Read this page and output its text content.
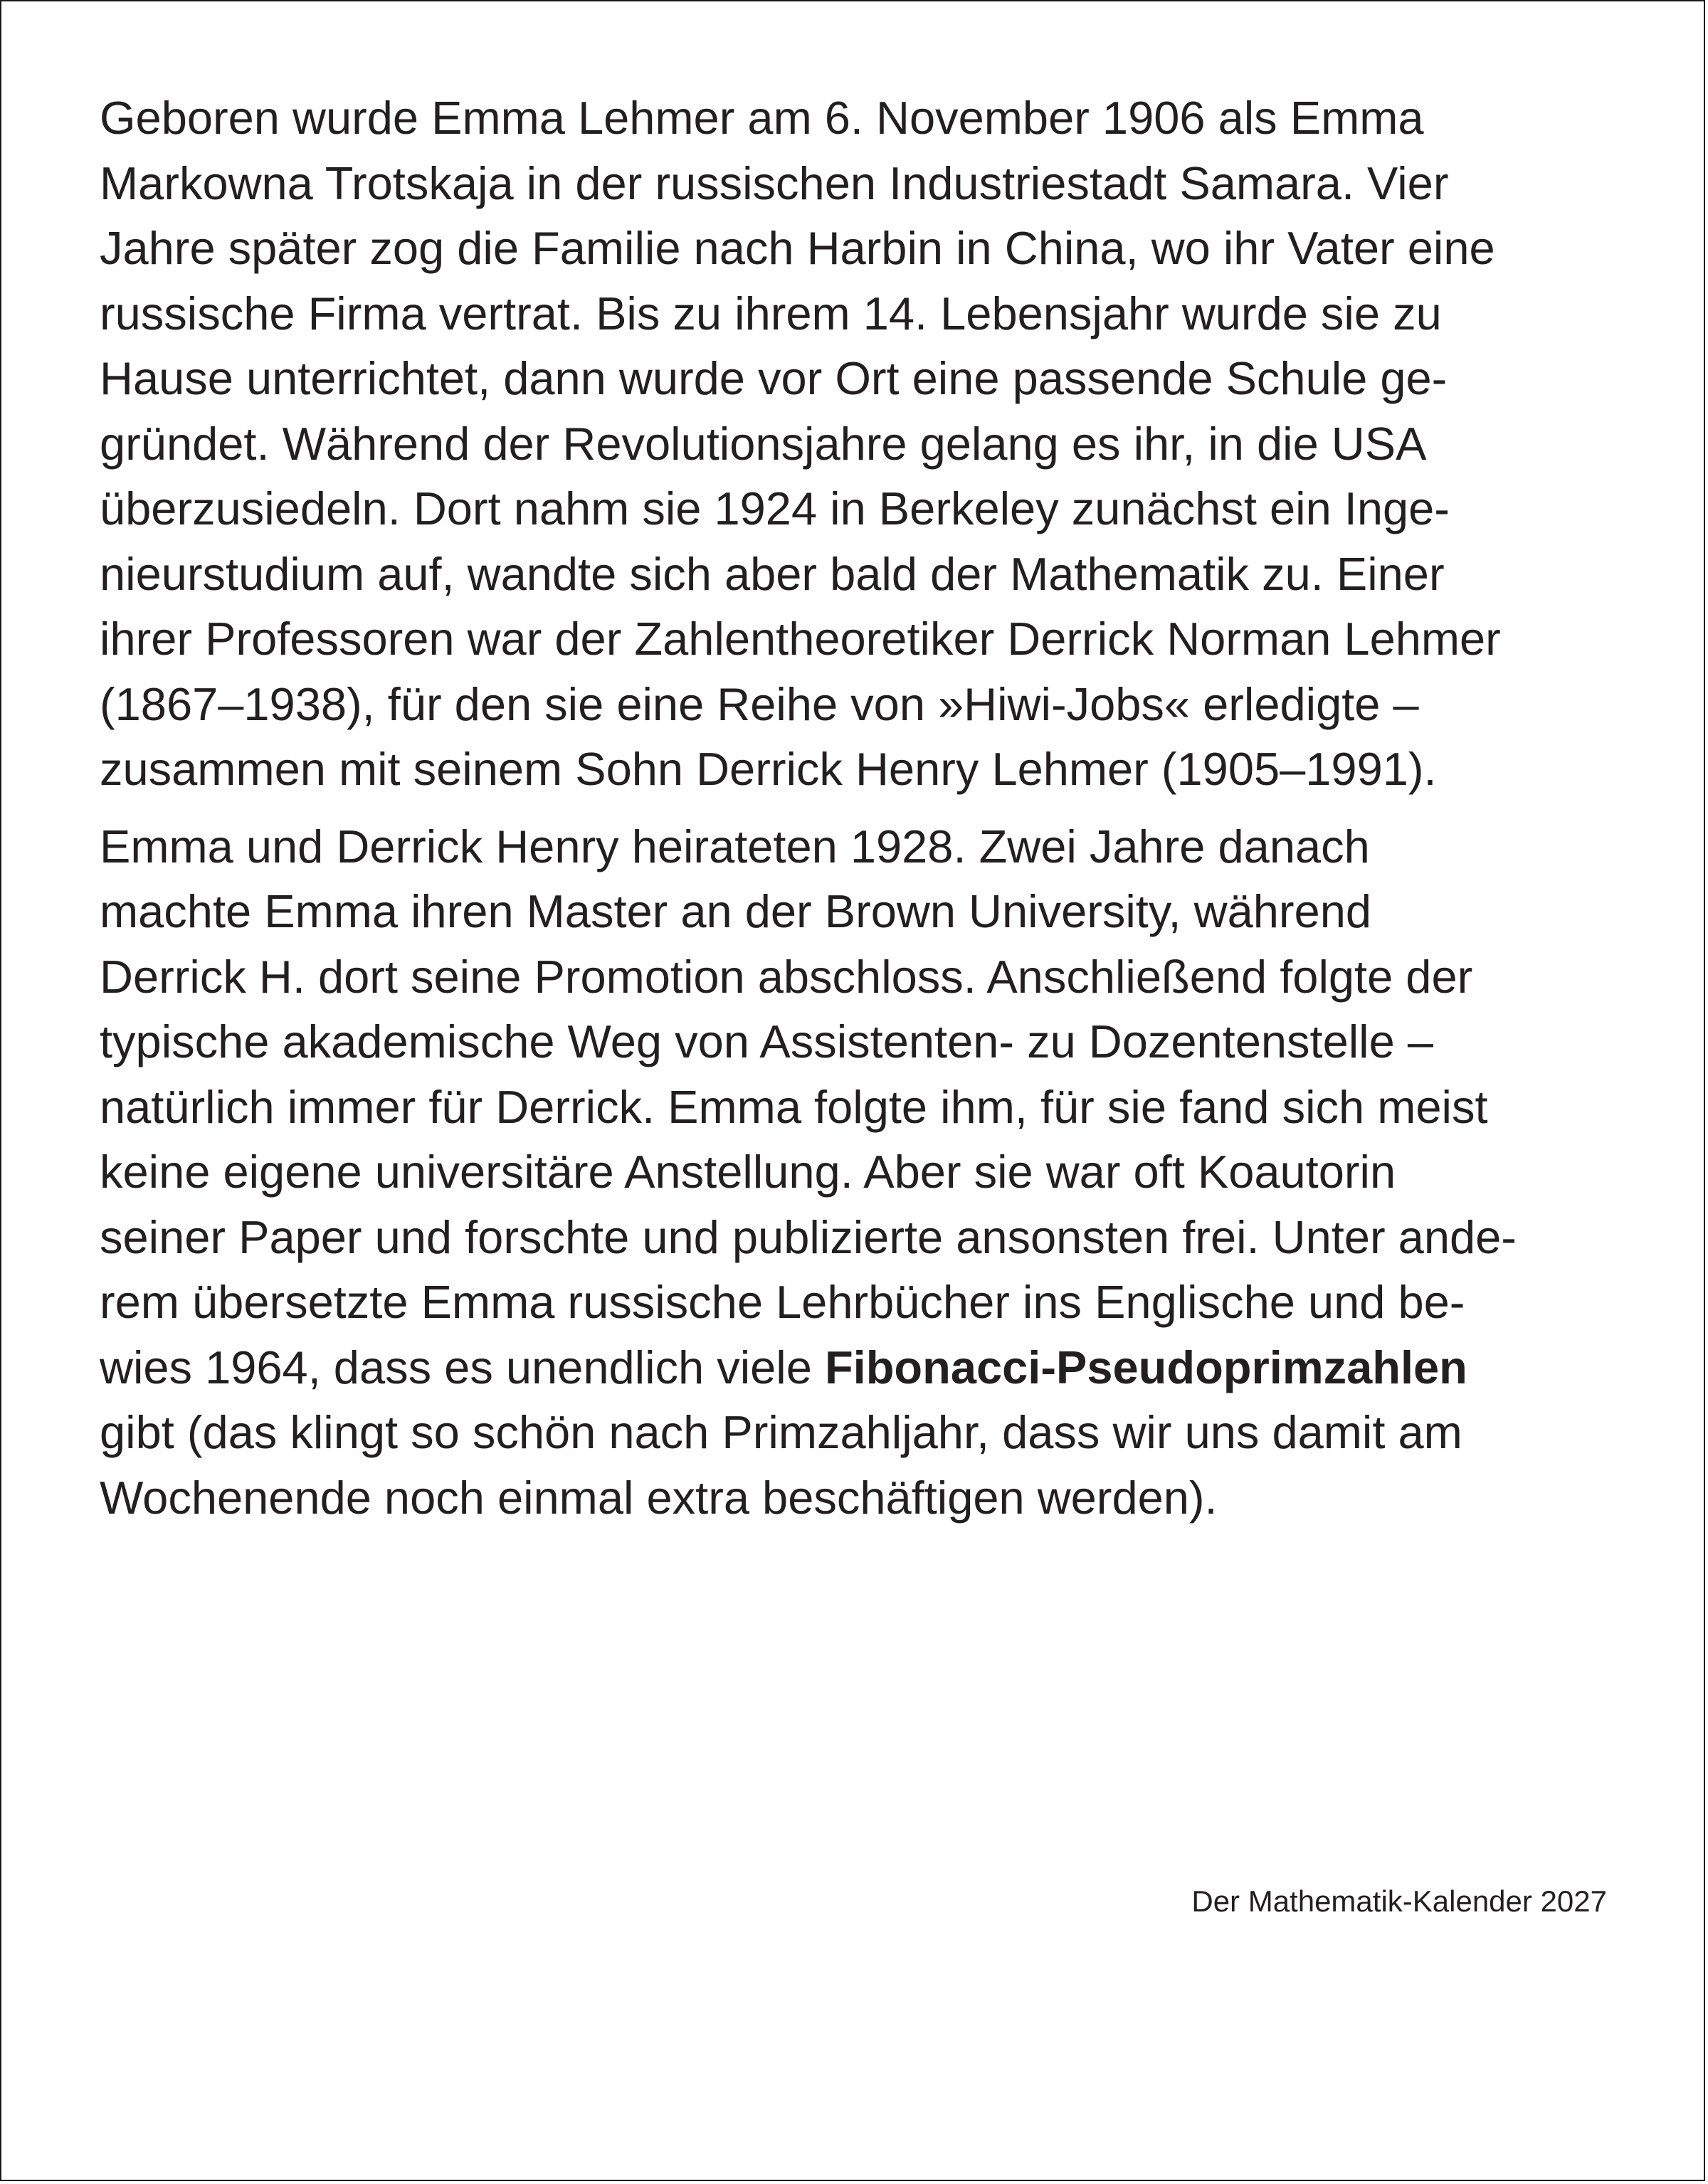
Geboren wurde Emma Lehmer am 6. November 1906 als Emma
Markowna Trotskaja in der russischen Industriestadt Samara. Vier
Jahre später zog die Familie nach Harbin in China, wo ihr Vater eine
russische Firma vertrat. Bis zu ihrem 14. Lebensjahr wurde sie zu
Hause unterrichtet, dann wurde vor Ort eine passende Schule ge-
gründet. Während der Revolutionsjahre gelang es ihr, in die USA
überzusiedeln. Dort nahm sie 1924 in Berkeley zunächst ein Inge-
nieurstudium auf, wandte sich aber bald der Mathematik zu. Einer
ihrer Professoren war der Zahlentheoretiker Derrick Norman Lehmer
(1867–1938), für den sie eine Reihe von »Hiwi-Jobs« erledigte –
zusammen mit seinem Sohn Derrick Henry Lehmer (1905–1991).

Emma und Derrick Henry heirateten 1928. Zwei Jahre danach
machte Emma ihren Master an der Brown University, während
Derrick H. dort seine Promotion abschloss. Anschließend folgte der
typische akademische Weg von Assistenten- zu Dozentenstelle –
natürlich immer für Derrick. Emma folgte ihm, für sie fand sich meist
keine eigene universitäre Anstellung. Aber sie war oft Koautorin
seiner Paper und forschte und publizierte ansonsten frei. Unter ande-
rem übersetzte Emma russische Lehrbücher ins Englische und be-
wies 1964, dass es unendlich viele Fibonacci-Pseudoprimzahlen
gibt (das klingt so schön nach Primzahljahr, dass wir uns damit am
Wochenende noch einmal extra beschäftigen werden).

Der Mathematik-Kalender 2027
